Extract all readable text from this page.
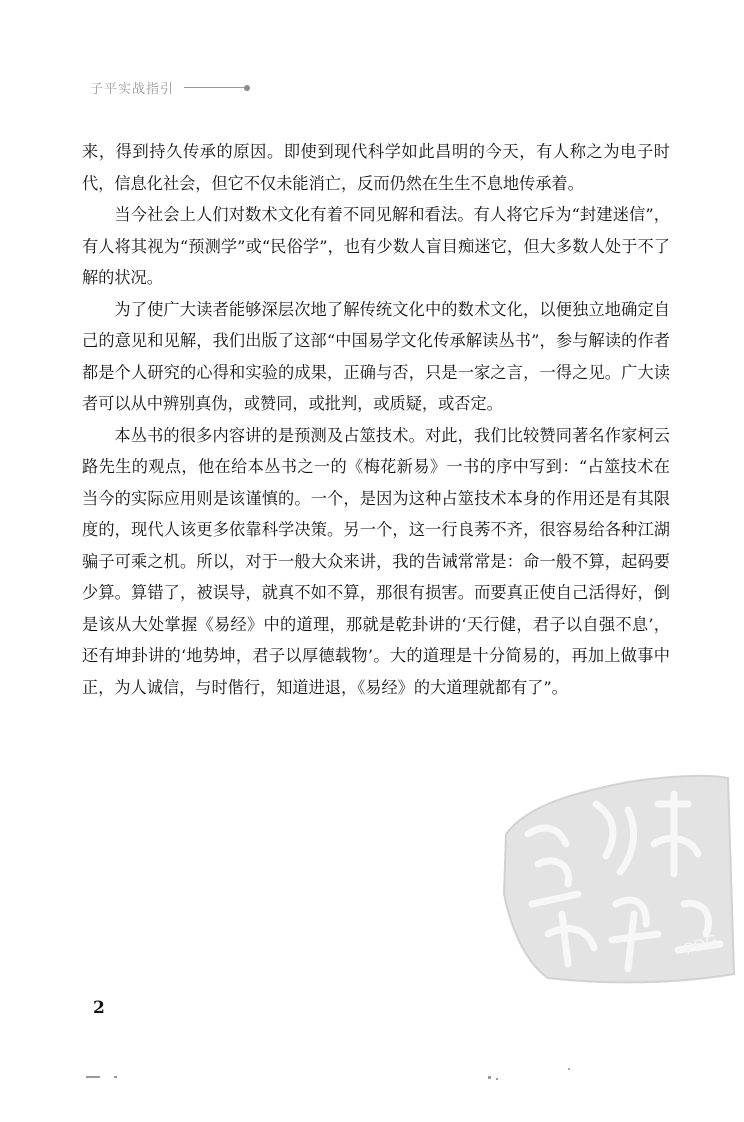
子平实战指引

来，得到持久传承的原因。即使到现代科学如此昌明的今天，有人称之为电子时代，信息化社会，但它不仅未能消亡，反而仍然在生生不息地传承着。

当今社会上人们对数术文化有着不同见解和看法。有人将它斥为“封建迷信”，有人将其视为“预测学”或“民俗学”，也有少数人盲目痴迷它，但大多数人处于不了解的状况。

为了使广大读者能够深层次地了解传统文化中的数术文化，以便独立地确定自己的意见和见解，我们出版了这部“中国易学文化传承解读丛书”，参与解读的作者都是个人研究的心得和实验的成果，正确与否，只是一家之言，一得之见。广大读者可以从中辨别真伪，或赞同，或批判，或质疑，或否定。

本丛书的很多内容讲的是预测及占筮技术。对此，我们比较赞同著名作家柯云路先生的观点，他在给本丛书之一的《梅花新易》一书的序中写到：“占筮技术在当今的实际应用则是该谨慎的。一个，是因为这种占筮技术本身的作用还是有其限度的，现代人该更多依靠科学决策。另一个，这一行良莠不齐，很容易给各种江湖骗子可乘之机。所以，对于一般大众来讲，我的告诫常常是：命一般不算，起码要少算。算错了，被误导，就真不如不算，那很有损害。而要真正使自己活得好，倒是该从大处掌握《易经》中的道理，那就是乾卦讲的‘天行健，君子以自强不息’，还有坤卦讲的‘地势坤，君子以厚德载物’。大的道理是十分简易的，再加上做事中正，为人诚信，与时偕行，知道进退，《易经》的大道理就都有了”。

PDG
2
